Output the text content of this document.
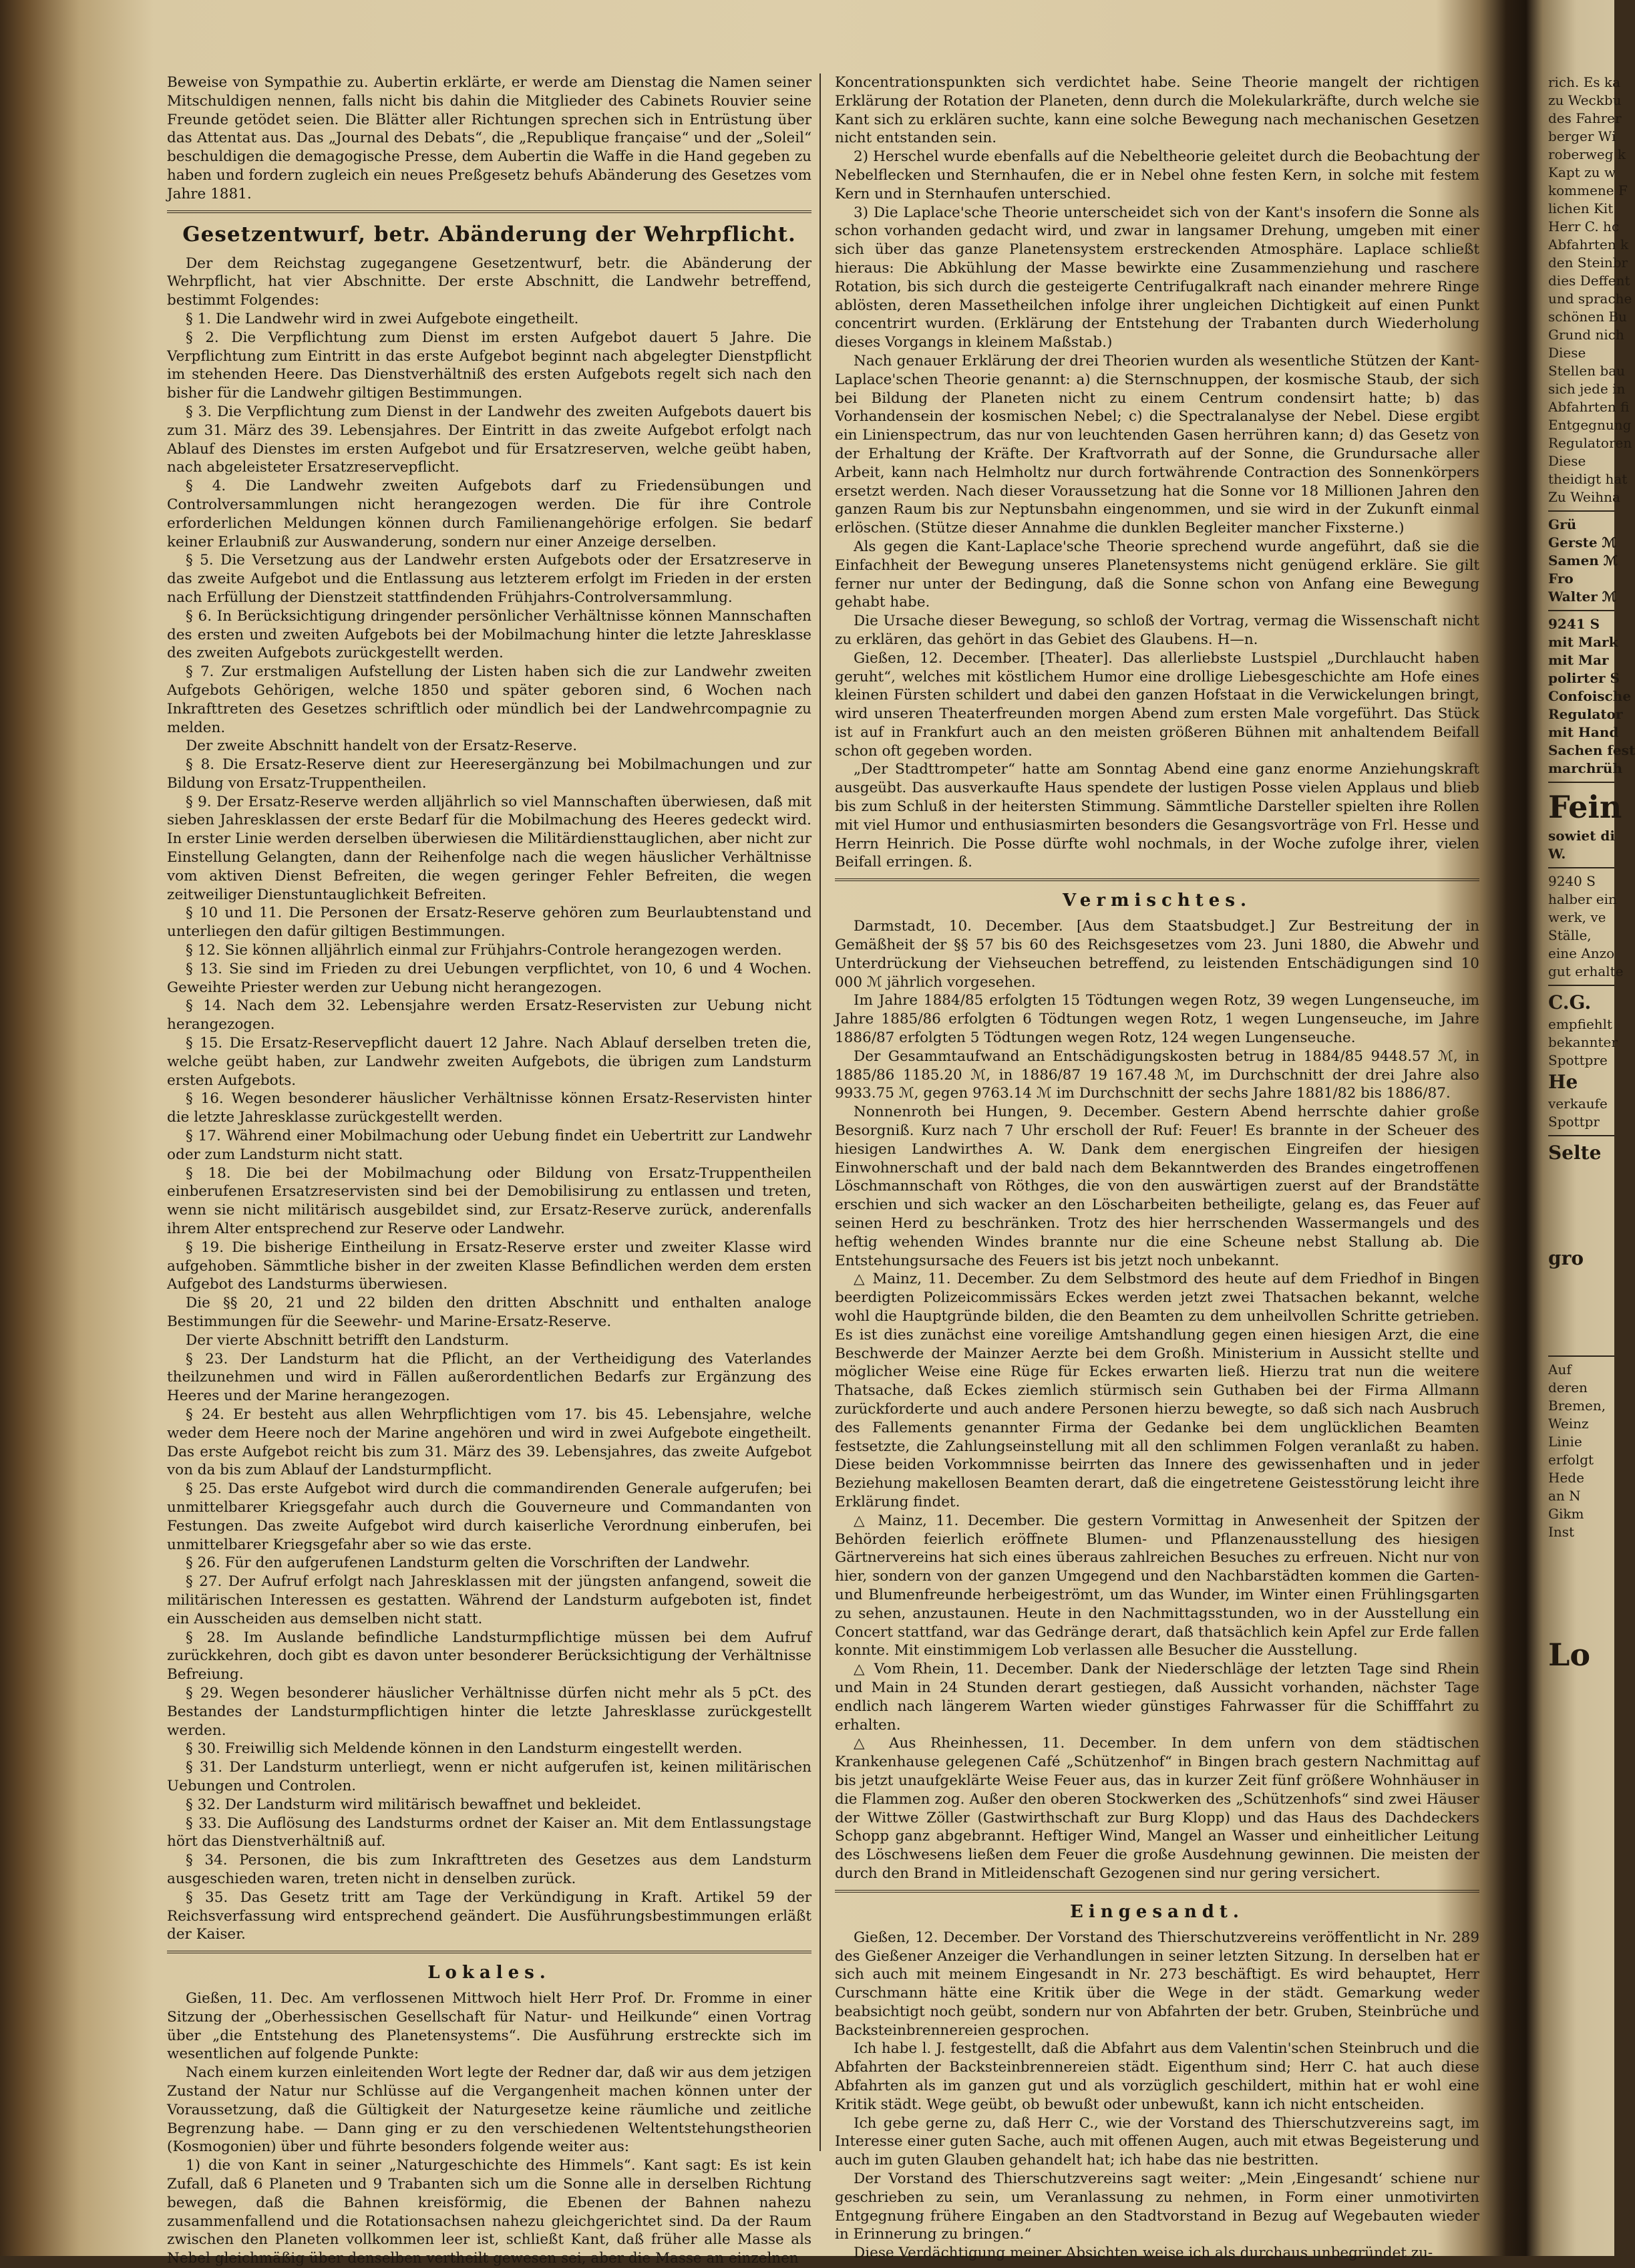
Beweise von Sympathie zu. Aubertin erklärte, er werde am Dienstag die Namen seiner Mitschuldigen nennen, falls nicht bis dahin die Mitglieder des Cabinets Rouvier seine Freunde getödet seien. Die Blätter aller Richtungen sprechen sich in Entrüstung über das Attentat aus. Das „Journal des Debats“, die „Republique française“ und der „Soleil“ beschuldigen die demagogische Presse, dem Aubertin die Waffe in die Hand gegeben zu haben und fordern zugleich ein neues Preßgesetz behufs Abänderung des Gesetzes vom Jahre 1881.

Gesetzentwurf, betr. Abänderung der Wehrpflicht.

Der dem Reichstag zugegangene Gesetzentwurf, betr. die Abänderung der Wehrpflicht, hat vier Abschnitte. Der erste Abschnitt, die Landwehr betreffend, bestimmt Folgendes:

§ 1. Die Landwehr wird in zwei Aufgebote eingetheilt.

§ 2. Die Verpflichtung zum Dienst im ersten Aufgebot dauert 5 Jahre. Die Verpflichtung zum Eintritt in das erste Aufgebot beginnt nach abgelegter Dienstpflicht im stehenden Heere. Das Dienstverhältniß des ersten Aufgebots regelt sich nach den bisher für die Landwehr giltigen Bestimmungen.

§ 3. Die Verpflichtung zum Dienst in der Landwehr des zweiten Aufgebots dauert bis zum 31. März des 39. Lebensjahres. Der Eintritt in das zweite Aufgebot erfolgt nach Ablauf des Dienstes im ersten Aufgebot und für Ersatzreserven, welche geübt haben, nach abgeleisteter Ersatzreservepflicht.

§ 4. Die Landwehr zweiten Aufgebots darf zu Friedensübungen und Controlversammlungen nicht herangezogen werden. Die für ihre Controle erforderlichen Meldungen können durch Familienangehörige erfolgen. Sie bedarf keiner Erlaubniß zur Auswanderung, sondern nur einer Anzeige derselben.

§ 5. Die Versetzung aus der Landwehr ersten Aufgebots oder der Ersatzreserve in das zweite Aufgebot und die Entlassung aus letzterem erfolgt im Frieden in der ersten nach Erfüllung der Dienstzeit stattfindenden Frühjahrs-Controlversammlung.

§ 6. In Berücksichtigung dringender persönlicher Verhältnisse können Mannschaften des ersten und zweiten Aufgebots bei der Mobilmachung hinter die letzte Jahresklasse des zweiten Aufgebots zurückgestellt werden.

§ 7. Zur erstmaligen Aufstellung der Listen haben sich die zur Landwehr zweiten Aufgebots Gehörigen, welche 1850 und später geboren sind, 6 Wochen nach Inkrafttreten des Gesetzes schriftlich oder mündlich bei der Landwehrcompagnie zu melden.

Der zweite Abschnitt handelt von der Ersatz-Reserve.

§ 8. Die Ersatz-Reserve dient zur Heeresergänzung bei Mobilmachungen und zur Bildung von Ersatz-Truppentheilen.

§ 9. Der Ersatz-Reserve werden alljährlich so viel Mannschaften überwiesen, daß mit sieben Jahresklassen der erste Bedarf für die Mobilmachung des Heeres gedeckt wird. In erster Linie werden derselben überwiesen die Militärdiensttauglichen, aber nicht zur Einstellung Gelangten, dann der Reihenfolge nach die wegen häuslicher Verhältnisse vom aktiven Dienst Befreiten, die wegen geringer Fehler Befreiten, die wegen zeitweiliger Dienstuntauglichkeit Befreiten.

§ 10 und 11. Die Personen der Ersatz-Reserve gehören zum Beurlaubtenstand und unterliegen den dafür giltigen Bestimmungen.

§ 12. Sie können alljährlich einmal zur Frühjahrs-Controle herangezogen werden.

§ 13. Sie sind im Frieden zu drei Uebungen verpflichtet, von 10, 6 und 4 Wochen. Geweihte Priester werden zur Uebung nicht herangezogen.

§ 14. Nach dem 32. Lebensjahre werden Ersatz-Reservisten zur Uebung nicht herangezogen.

§ 15. Die Ersatz-Reservepflicht dauert 12 Jahre. Nach Ablauf derselben treten die, welche geübt haben, zur Landwehr zweiten Aufgebots, die übrigen zum Landsturm ersten Aufgebots.

§ 16. Wegen besonderer häuslicher Verhältnisse können Ersatz-Reservisten hinter die letzte Jahresklasse zurückgestellt werden.

§ 17. Während einer Mobilmachung oder Uebung findet ein Uebertritt zur Landwehr oder zum Landsturm nicht statt.

§ 18. Die bei der Mobilmachung oder Bildung von Ersatz-Truppentheilen einberufenen Ersatzreservisten sind bei der Demobilisirung zu entlassen und treten, wenn sie nicht militärisch ausgebildet sind, zur Ersatz-Reserve zurück, anderenfalls ihrem Alter entsprechend zur Reserve oder Landwehr.

§ 19. Die bisherige Eintheilung in Ersatz-Reserve erster und zweiter Klasse wird aufgehoben. Sämmtliche bisher in der zweiten Klasse Befindlichen werden dem ersten Aufgebot des Landsturms überwiesen.

Die §§ 20, 21 und 22 bilden den dritten Abschnitt und enthalten analoge Bestimmungen für die Seewehr- und Marine-Ersatz-Reserve.

Der vierte Abschnitt betrifft den Landsturm.

§ 23. Der Landsturm hat die Pflicht, an der Vertheidigung des Vaterlandes theilzunehmen und wird in Fällen außerordentlichen Bedarfs zur Ergänzung des Heeres und der Marine herangezogen.

§ 24. Er besteht aus allen Wehrpflichtigen vom 17. bis 45. Lebensjahre, welche weder dem Heere noch der Marine angehören und wird in zwei Aufgebote eingetheilt. Das erste Aufgebot reicht bis zum 31. März des 39. Lebensjahres, das zweite Aufgebot von da bis zum Ablauf der Landsturmpflicht.

§ 25. Das erste Aufgebot wird durch die commandirenden Generale aufgerufen; bei unmittelbarer Kriegsgefahr auch durch die Gouverneure und Commandanten von Festungen. Das zweite Aufgebot wird durch kaiserliche Verordnung einberufen, bei unmittelbarer Kriegsgefahr aber so wie das erste.

§ 26. Für den aufgerufenen Landsturm gelten die Vorschriften der Landwehr.

§ 27. Der Aufruf erfolgt nach Jahresklassen mit der jüngsten anfangend, soweit die militärischen Interessen es gestatten. Während der Landsturm aufgeboten ist, findet ein Ausscheiden aus demselben nicht statt.

§ 28. Im Auslande befindliche Landsturmpflichtige müssen bei dem Aufruf zurückkehren, doch gibt es davon unter besonderer Berücksichtigung der Verhältnisse Befreiung.

§ 29. Wegen besonderer häuslicher Verhältnisse dürfen nicht mehr als 5 pCt. des Bestandes der Landsturmpflichtigen hinter die letzte Jahresklasse zurückgestellt werden.

§ 30. Freiwillig sich Meldende können in den Landsturm eingestellt werden.

§ 31. Der Landsturm unterliegt, wenn er nicht aufgerufen ist, keinen militärischen Uebungen und Controlen.

§ 32. Der Landsturm wird militärisch bewaffnet und bekleidet.

§ 33. Die Auflösung des Landsturms ordnet der Kaiser an. Mit dem Entlassungstage hört das Dienstverhältniß auf.

§ 34. Personen, die bis zum Inkrafttreten des Gesetzes aus dem Landsturm ausgeschieden waren, treten nicht in denselben zurück.

§ 35. Das Gesetz tritt am Tage der Verkündigung in Kraft. Artikel 59 der Reichsverfassung wird entsprechend geändert. Die Ausführungsbestimmungen erläßt der Kaiser.

Lokales.

Gießen, 11. Dec. Am verflossenen Mittwoch hielt Herr Prof. Dr. Fromme in einer Sitzung der „Oberhessischen Gesellschaft für Natur- und Heilkunde“ einen Vortrag über „die Entstehung des Planetensystems“. Die Ausführung erstreckte sich im wesentlichen auf folgende Punkte:

Nach einem kurzen einleitenden Wort legte der Redner dar, daß wir aus dem jetzigen Zustand der Natur nur Schlüsse auf die Vergangenheit machen können unter der Voraussetzung, daß die Gültigkeit der Naturgesetze keine räumliche und zeitliche Begrenzung habe. — Dann ging er zu den verschiedenen Weltentstehungstheorien (Kosmogonien) über und führte besonders folgende weiter aus:

1) die von Kant in seiner „Naturgeschichte des Himmels“. Kant sagt: Es ist kein Zufall, daß 6 Planeten und 9 Trabanten sich um die Sonne alle in derselben Richtung bewegen, daß die Bahnen kreisförmig, die Ebenen der Bahnen nahezu zusammenfallend und die Rotationsachsen nahezu gleichgerichtet sind. Da der Raum zwischen den Planeten vollkommen leer ist, schließt Kant, daß früher alle Masse als Nebel gleichmäßig über denselben vertheilt gewesen sei, aber die Masse an einzelnen

Koncentrationspunkten sich verdichtet habe. Seine Theorie mangelt der richtigen Erklärung der Rotation der Planeten, denn durch die Molekularkräfte, durch welche sie Kant sich zu erklären suchte, kann eine solche Bewegung nach mechanischen Gesetzen nicht entstanden sein.

2) Herschel wurde ebenfalls auf die Nebeltheorie geleitet durch die Beobachtung der Nebelflecken und Sternhaufen, die er in Nebel ohne festen Kern, in solche mit festem Kern und in Sternhaufen unterschied.

3) Die Laplace'sche Theorie unterscheidet sich von der Kant's insofern die Sonne als schon vorhanden gedacht wird, und zwar in langsamer Drehung, umgeben mit einer sich über das ganze Planetensystem erstreckenden Atmosphäre. Laplace schließt hieraus: Die Abkühlung der Masse bewirkte eine Zusammenziehung und raschere Rotation, bis sich durch die gesteigerte Centrifugalkraft nach einander mehrere Ringe ablösten, deren Massetheilchen infolge ihrer ungleichen Dichtigkeit auf einen Punkt concentrirt wurden. (Erklärung der Entstehung der Trabanten durch Wiederholung dieses Vorgangs in kleinem Maßstab.)

Nach genauer Erklärung der drei Theorien wurden als wesentliche Stützen der Kant-Laplace'schen Theorie genannt: a) die Sternschnuppen, der kosmische Staub, der sich bei Bildung der Planeten nicht zu einem Centrum condensirt hatte; b) das Vorhandensein der kosmischen Nebel; c) die Spectralanalyse der Nebel. Diese ergibt ein Linienspectrum, das nur von leuchtenden Gasen herrühren kann; d) das Gesetz von der Erhaltung der Kräfte. Der Kraftvorrath auf der Sonne, die Grundursache aller Arbeit, kann nach Helmholtz nur durch fortwährende Contraction des Sonnenkörpers ersetzt werden. Nach dieser Voraussetzung hat die Sonne vor 18 Millionen Jahren den ganzen Raum bis zur Neptunsbahn eingenommen, und sie wird in der Zukunft einmal erlöschen. (Stütze dieser Annahme die dunklen Begleiter mancher Fixsterne.)

Als gegen die Kant-Laplace'sche Theorie sprechend wurde angeführt, daß sie die Einfachheit der Bewegung unseres Planetensystems nicht genügend erkläre. Sie gilt ferner nur unter der Bedingung, daß die Sonne schon von Anfang eine Bewegung gehabt habe.

Die Ursache dieser Bewegung, so schloß der Vortrag, vermag die Wissenschaft nicht zu erklären, das gehört in das Gebiet des Glaubens. H—n.

Gießen, 12. December. [Theater]. Das allerliebste Lustspiel „Durchlaucht haben geruht“, welches mit köstlichem Humor eine drollige Liebesgeschichte am Hofe eines kleinen Fürsten schildert und dabei den ganzen Hofstaat in die Verwickelungen bringt, wird unseren Theaterfreunden morgen Abend zum ersten Male vorgeführt. Das Stück ist auf in Frankfurt auch an den meisten größeren Bühnen mit anhaltendem Beifall schon oft gegeben worden.

„Der Stadttrompeter“ hatte am Sonntag Abend eine ganz enorme Anziehungskraft ausgeübt. Das ausverkaufte Haus spendete der lustigen Posse vielen Applaus und blieb bis zum Schluß in der heitersten Stimmung. Sämmtliche Darsteller spielten ihre Rollen mit viel Humor und enthusiasmirten besonders die Gesangsvorträge von Frl. Hesse und Herrn Heinrich. Die Posse dürfte wohl nochmals, in der Woche zufolge ihrer, vielen Beifall erringen. ß.

Vermischtes.

Darmstadt, 10. December. [Aus dem Staatsbudget.] Zur Bestreitung der in Gemäßheit der §§ 57 bis 60 des Reichsgesetzes vom 23. Juni 1880, die Abwehr und Unterdrückung der Viehseuchen betreffend, zu leistenden Entschädigungen sind 10 000 ℳ jährlich vorgesehen.

Im Jahre 1884/85 erfolgten 15 Tödtungen wegen Rotz, 39 wegen Lungenseuche, im Jahre 1885/86 erfolgten 6 Tödtungen wegen Rotz, 1 wegen Lungenseuche, im Jahre 1886/87 erfolgten 5 Tödtungen wegen Rotz, 124 wegen Lungenseuche.

Der Gesammtaufwand an Entschädigungskosten betrug in 1884/85 9448.57 ℳ, in 1885/86 1185.20 ℳ, in 1886/87 19 167.48 ℳ, im Durchschnitt der drei Jahre also 9933.75 ℳ, gegen 9763.14 ℳ im Durchschnitt der sechs Jahre 1881/82 bis 1886/87.

Nonnenroth bei Hungen, 9. December. Gestern Abend herrschte dahier große Besorgniß. Kurz nach 7 Uhr erscholl der Ruf: Feuer! Es brannte in der Scheuer des hiesigen Landwirthes A. W. Dank dem energischen Eingreifen der hiesigen Einwohnerschaft und der bald nach dem Bekanntwerden des Brandes eingetroffenen Löschmannschaft von Röthges, die von den auswärtigen zuerst auf der Brandstätte erschien und sich wacker an den Löscharbeiten betheiligte, gelang es, das Feuer auf seinen Herd zu beschränken. Trotz des hier herrschenden Wassermangels und des heftig wehenden Windes brannte nur die eine Scheune nebst Stallung ab. Die Entstehungsursache des Feuers ist bis jetzt noch unbekannt.

△ Mainz, 11. December. Zu dem Selbstmord des heute auf dem Friedhof in Bingen beerdigten Polizeicommissärs Eckes werden jetzt zwei Thatsachen bekannt, welche wohl die Hauptgründe bilden, die den Beamten zu dem unheilvollen Schritte getrieben. Es ist dies zunächst eine voreilige Amtshandlung gegen einen hiesigen Arzt, die eine Beschwerde der Mainzer Aerzte bei dem Großh. Ministerium in Aussicht stellte und möglicher Weise eine Rüge für Eckes erwarten ließ. Hierzu trat nun die weitere Thatsache, daß Eckes ziemlich stürmisch sein Guthaben bei der Firma Allmann zurückforderte und auch andere Personen hierzu bewegte, so daß sich nach Ausbruch des Fallements genannter Firma der Gedanke bei dem unglücklichen Beamten festsetzte, die Zahlungseinstellung mit all den schlimmen Folgen veranlaßt zu haben. Diese beiden Vorkommnisse beirrten das Innere des gewissenhaften und in jeder Beziehung makellosen Beamten derart, daß die eingetretene Geistesstörung leicht ihre Erklärung findet.

△ Mainz, 11. December. Die gestern Vormittag in Anwesenheit der Spitzen der Behörden feierlich eröffnete Blumen- und Pflanzenausstellung des hiesigen Gärtnervereins hat sich eines überaus zahlreichen Besuches zu erfreuen. Nicht nur von hier, sondern von der ganzen Umgegend und den Nachbarstädten kommen die Garten- und Blumenfreunde herbeigeströmt, um das Wunder, im Winter einen Frühlingsgarten zu sehen, anzustaunen. Heute in den Nachmittagsstunden, wo in der Ausstellung ein Concert stattfand, war das Gedränge derart, daß thatsächlich kein Apfel zur Erde fallen konnte. Mit einstimmigem Lob verlassen alle Besucher die Ausstellung.

△ Vom Rhein, 11. December. Dank der Niederschläge der letzten Tage sind Rhein und Main in 24 Stunden derart gestiegen, daß Aussicht vorhanden, nächster Tage endlich nach längerem Warten wieder günstiges Fahrwasser für die Schifffahrt zu erhalten.

△ Aus Rheinhessen, 11. December. In dem unfern von dem städtischen Krankenhause gelegenen Café „Schützenhof“ in Bingen brach gestern Nachmittag auf bis jetzt unaufgeklärte Weise Feuer aus, das in kurzer Zeit fünf größere Wohnhäuser in die Flammen zog. Außer den oberen Stockwerken des „Schützenhofs“ sind zwei Häuser der Wittwe Zöller (Gastwirthschaft zur Burg Klopp) und das Haus des Dachdeckers Schopp ganz abgebrannt. Heftiger Wind, Mangel an Wasser und einheitlicher Leitung des Löschwesens ließen dem Feuer die große Ausdehnung gewinnen. Die meisten der durch den Brand in Mitleidenschaft Gezogenen sind nur gering versichert.

Eingesandt.

Gießen, 12. December. Der Vorstand des Thierschutzvereins veröffentlicht in Nr. 289 des Gießener Anzeiger die Verhandlungen in seiner letzten Sitzung. In derselben hat er sich auch mit meinem Eingesandt in Nr. 273 beschäftigt. Es wird behauptet, Herr Curschmann hätte eine Kritik über die Wege in der städt. Gemarkung weder beabsichtigt noch geübt, sondern nur von Abfahrten der betr. Gruben, Steinbrüche und Backsteinbrennereien gesprochen.

Ich habe l. J. festgestellt, daß die Abfahrt aus dem Valentin'schen Steinbruch und die Abfahrten der Backsteinbrennereien städt. Eigenthum sind; Herr C. hat auch diese Abfahrten als im ganzen gut und als vorzüglich geschildert, mithin hat er wohl eine Kritik städt. Wege geübt, ob bewußt oder unbewußt, kann ich nicht entscheiden.

Ich gebe gerne zu, daß Herr C., wie der Vorstand des Thierschutzvereins sagt, im Interesse einer guten Sache, auch mit offenen Augen, auch mit etwas Begeisterung und auch im guten Glauben gehandelt hat; ich habe das nie bestritten.

Der Vorstand des Thierschutzvereins sagt weiter: „Mein ‚Eingesandt‘ schiene nur geschrieben zu sein, um Veranlassung zu nehmen, in Form einer unmotivirten Entgegnung frühere Eingaben an den Stadtvorstand in Bezug auf Wegebauten wieder in Erinnerung zu bringen.“

Diese Verdächtigung meiner Absichten weise ich als durchaus unbegründet zu-

rich. Es ka
zu Weckbu
des Fahrer
berger Wi
roberweg k
Kapt zu w
kommene F
lichen Kit
Herr C. hc
Abfahrten k
den Steinbr
dies Deffent
und sprache
schönen Bu
Grund nich
Diese
Stellen bau
sich jede in
Abfahrten fi
Entgegnung
Regulatoren
Diese
theidigt hat
Zu Weihna
Grü
Gerste ℳ
Samen ℳ
Fro
Walter ℳ
9241 S
mit Mark
mit Mar
polirter S
Confoische
Regulator
mit Hand
Sachen fest
marchrüh
Fein
sowiet di
W.
9240 S
halber ein
werk, ve
Ställe,
eine Anzo
gut erhalte
C.G.
empfiehlt
bekannter
Spottpre
He
verkaufe
Spottpr
Selte
gro
Auf
deren
Bremen,
Weinz
Linie
erfolgt
Hede
an N
Gikm
Inst
Lo
